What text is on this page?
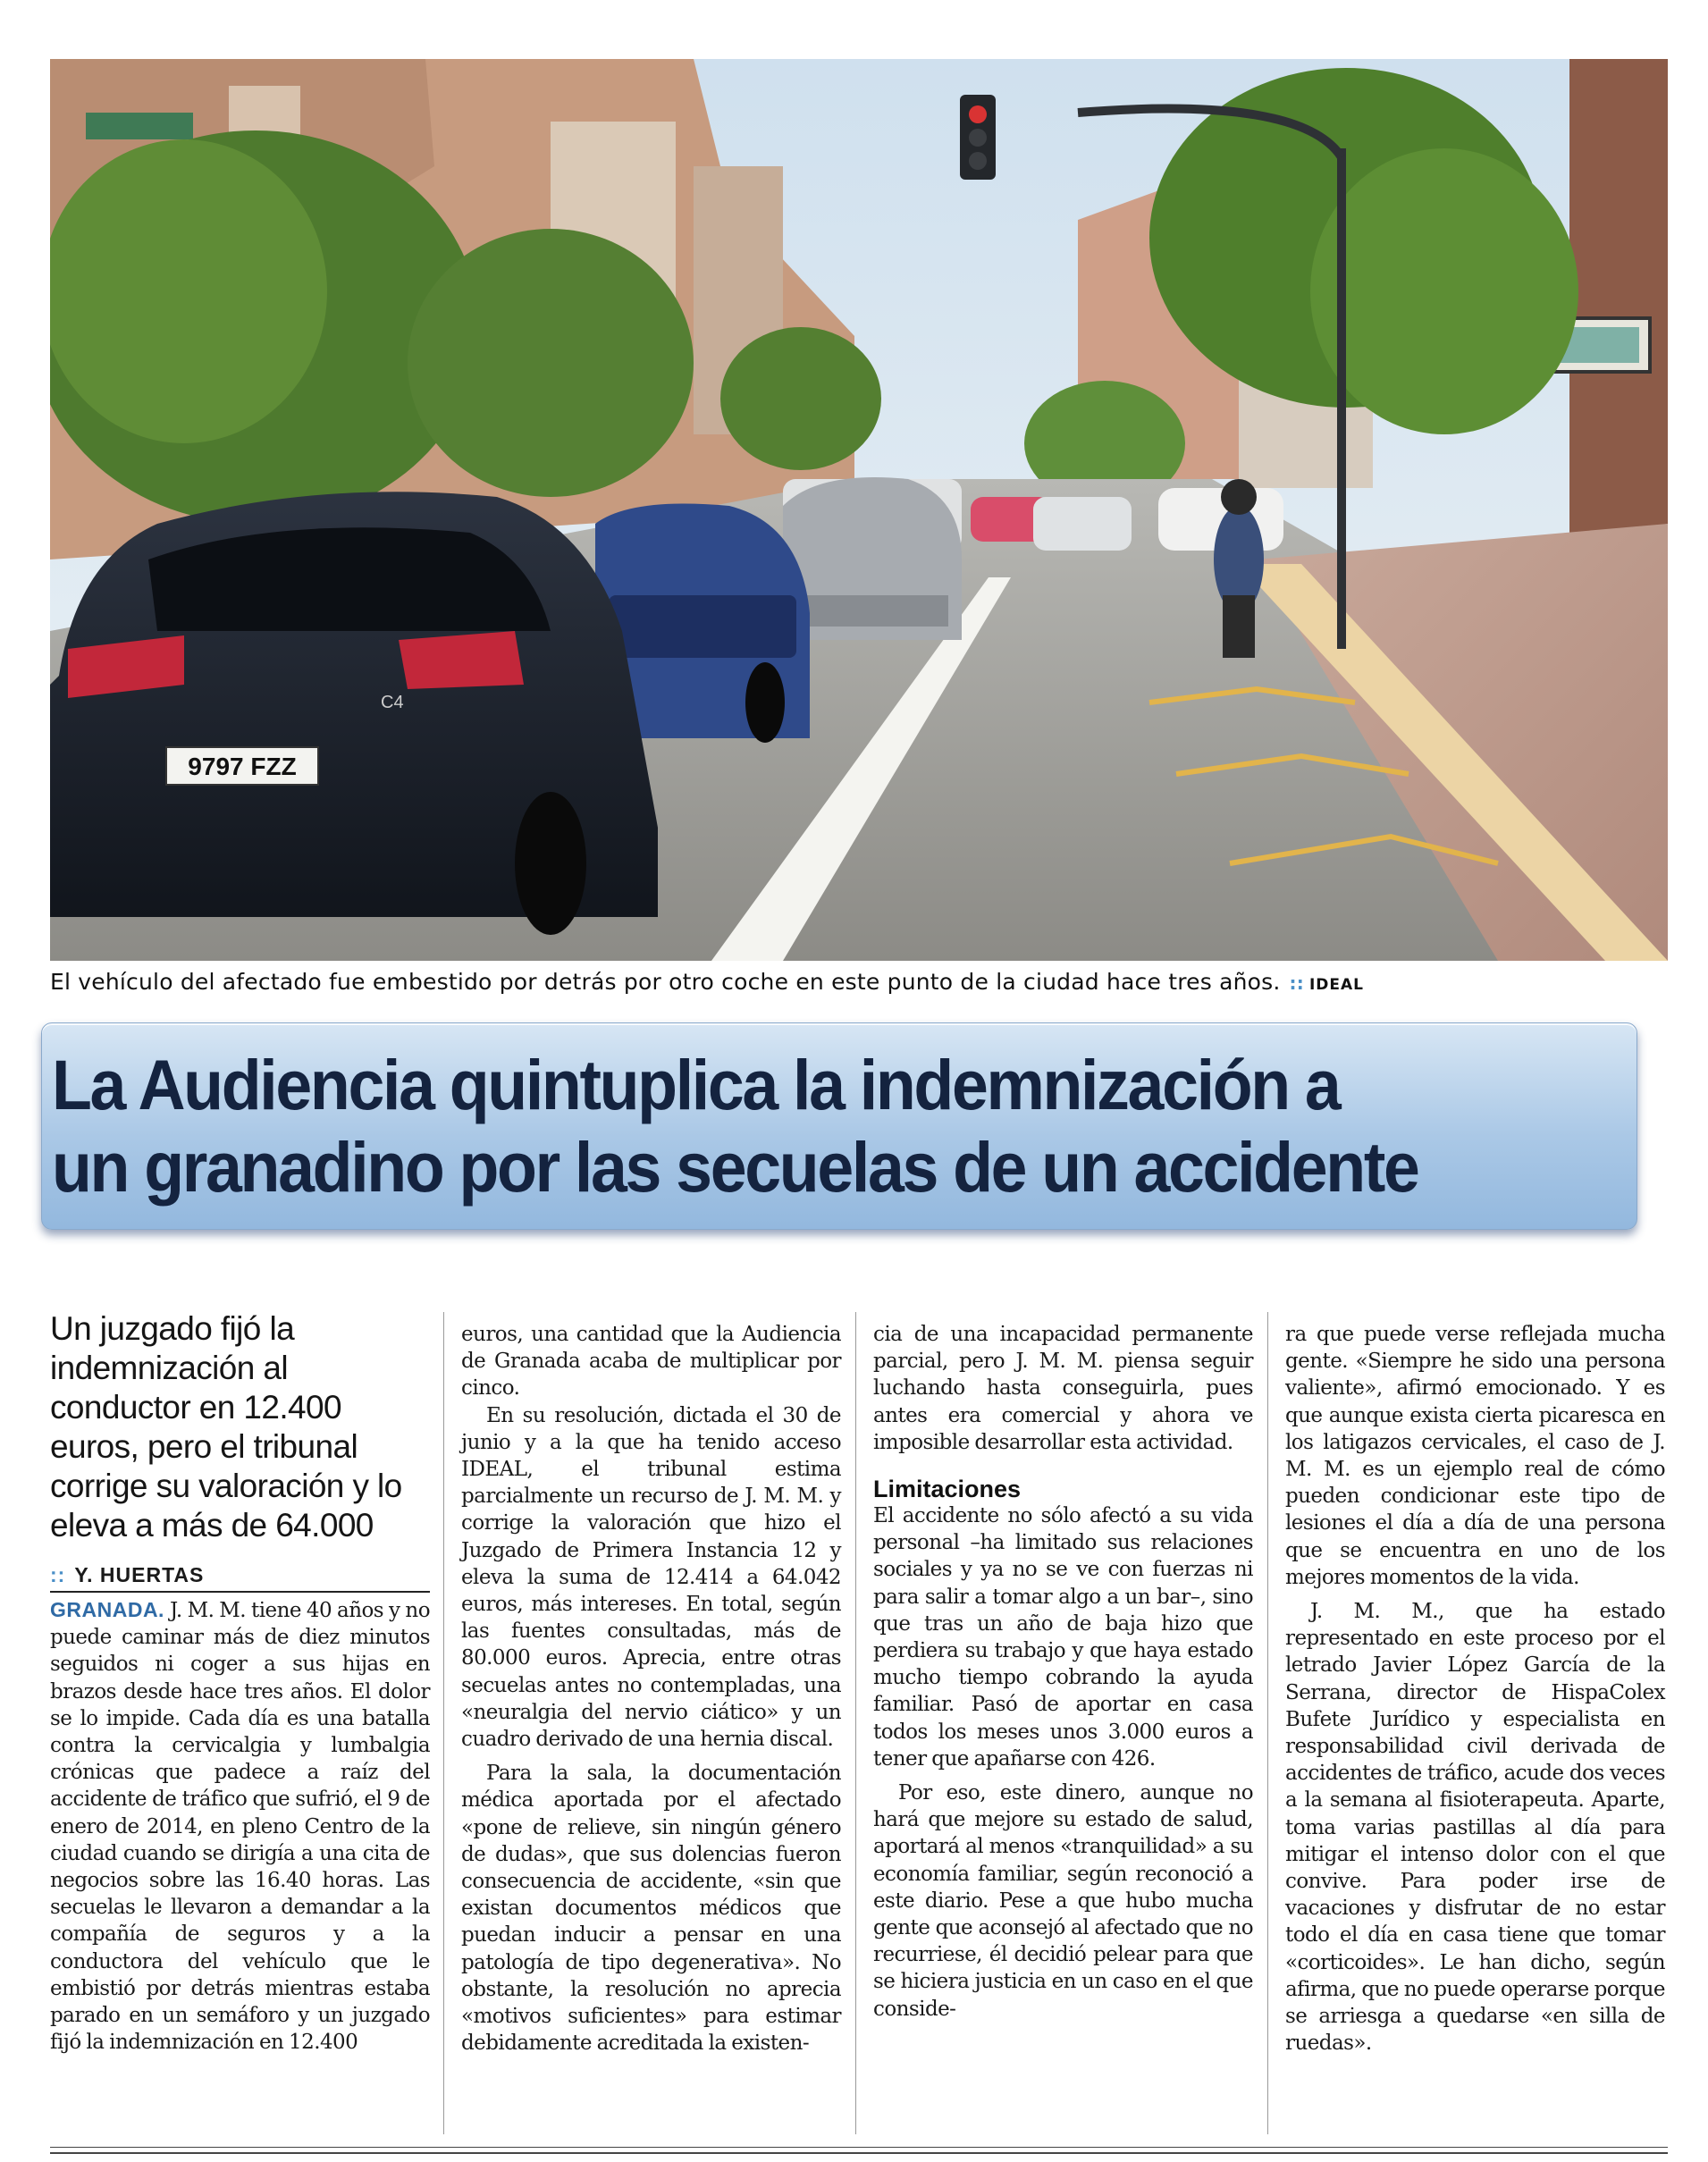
9797 FZZ
C4
El vehículo del afectado fue embestido por detrás por otro coche en este punto de la ciudad hace tres años. :: IDEAL
La Audiencia quintuplica la indemnización a
un granadino por las secuelas de un accidente

Un juzgado fijó la indemnización al conductor en 12.400 euros, pero el tribunal corrige su valoración y lo eleva a más de 64.000

:: Y. HUERTAS

GRANADA. J. M. M. tiene 40 años y no puede caminar más de diez minutos seguidos ni coger a sus hijas en brazos desde hace tres años. El dolor se lo impide. Cada día es una batalla contra la cervicalgia y lumbalgia crónicas que padece a raíz del accidente de tráfico que sufrió, el 9 de enero de 2014, en pleno Centro de la ciudad cuando se dirigía a una cita de negocios sobre las 16.40 horas. Las secuelas le llevaron a demandar a la compañía de seguros y a la conductora del vehículo que le embistió por detrás mientras estaba parado en un semáforo y un juzgado fijó la indemnización en 12.400

euros, una cantidad que la Audiencia de Granada acaba de multiplicar por cinco.

En su resolución, dictada el 30 de junio y a la que ha tenido acceso IDEAL, el tribunal estima parcialmente un recurso de J. M. M. y corrige la valoración que hizo el Juzgado de Primera Instancia 12 y eleva la suma de 12.414 a 64.042 euros, más intereses. En total, según las fuentes consultadas, más de 80.000 euros. Aprecia, entre otras secuelas antes no contempladas, una «neuralgia del nervio ciático» y un cuadro derivado de una hernia discal.

Para la sala, la documentación médica aportada por el afectado «pone de relieve, sin ningún género de dudas», que sus dolencias fueron consecuencia de accidente, «sin que existan documentos médicos que puedan inducir a pensar en una patología de tipo degenerativa». No obstante, la resolución no aprecia «motivos suficientes» para estimar debidamente acreditada la existen-

cia de una incapacidad permanente parcial, pero J. M. M. piensa seguir luchando hasta conseguirla, pues antes era comercial y ahora ve imposible desarrollar esta actividad.

Limitaciones

El accidente no sólo afectó a su vida personal –ha limitado sus relaciones sociales y ya no se ve con fuerzas ni para salir a tomar algo a un bar–, sino que tras un año de baja hizo que perdiera su trabajo y que haya estado mucho tiempo cobrando la ayuda familiar. Pasó de aportar en casa todos los meses unos 3.000 euros a tener que apañarse con 426.

Por eso, este dinero, aunque no hará que mejore su estado de salud, aportará al menos «tranquilidad» a su economía familiar, según reconoció a este diario. Pese a que hubo mucha gente que aconsejó al afectado que no recurriese, él decidió pelear para que se hiciera justicia en un caso en el que conside-

ra que puede verse reflejada mucha gente. «Siempre he sido una persona valiente», afirmó emocionado. Y es que aunque exista cierta picaresca en los latigazos cervicales, el caso de J. M. M. es un ejemplo real de cómo pueden condicionar este tipo de lesiones el día a día de una persona que se encuentra en uno de los mejores momentos de la vida.

J. M. M., que ha estado representado en este proceso por el letrado Javier López García de la Serrana, director de HispaColex Bufete Jurídico y especialista en responsabilidad civil derivada de accidentes de tráfico, acude dos veces a la semana al fisioterapeuta. Aparte, toma varias pastillas al día para mitigar el intenso dolor con el que convive. Para poder irse de vacaciones y disfrutar de no estar todo el día en casa tiene que tomar «corticoides». Le han dicho, según afirma, que no puede operarse porque se arriesga a quedarse «en silla de ruedas».
